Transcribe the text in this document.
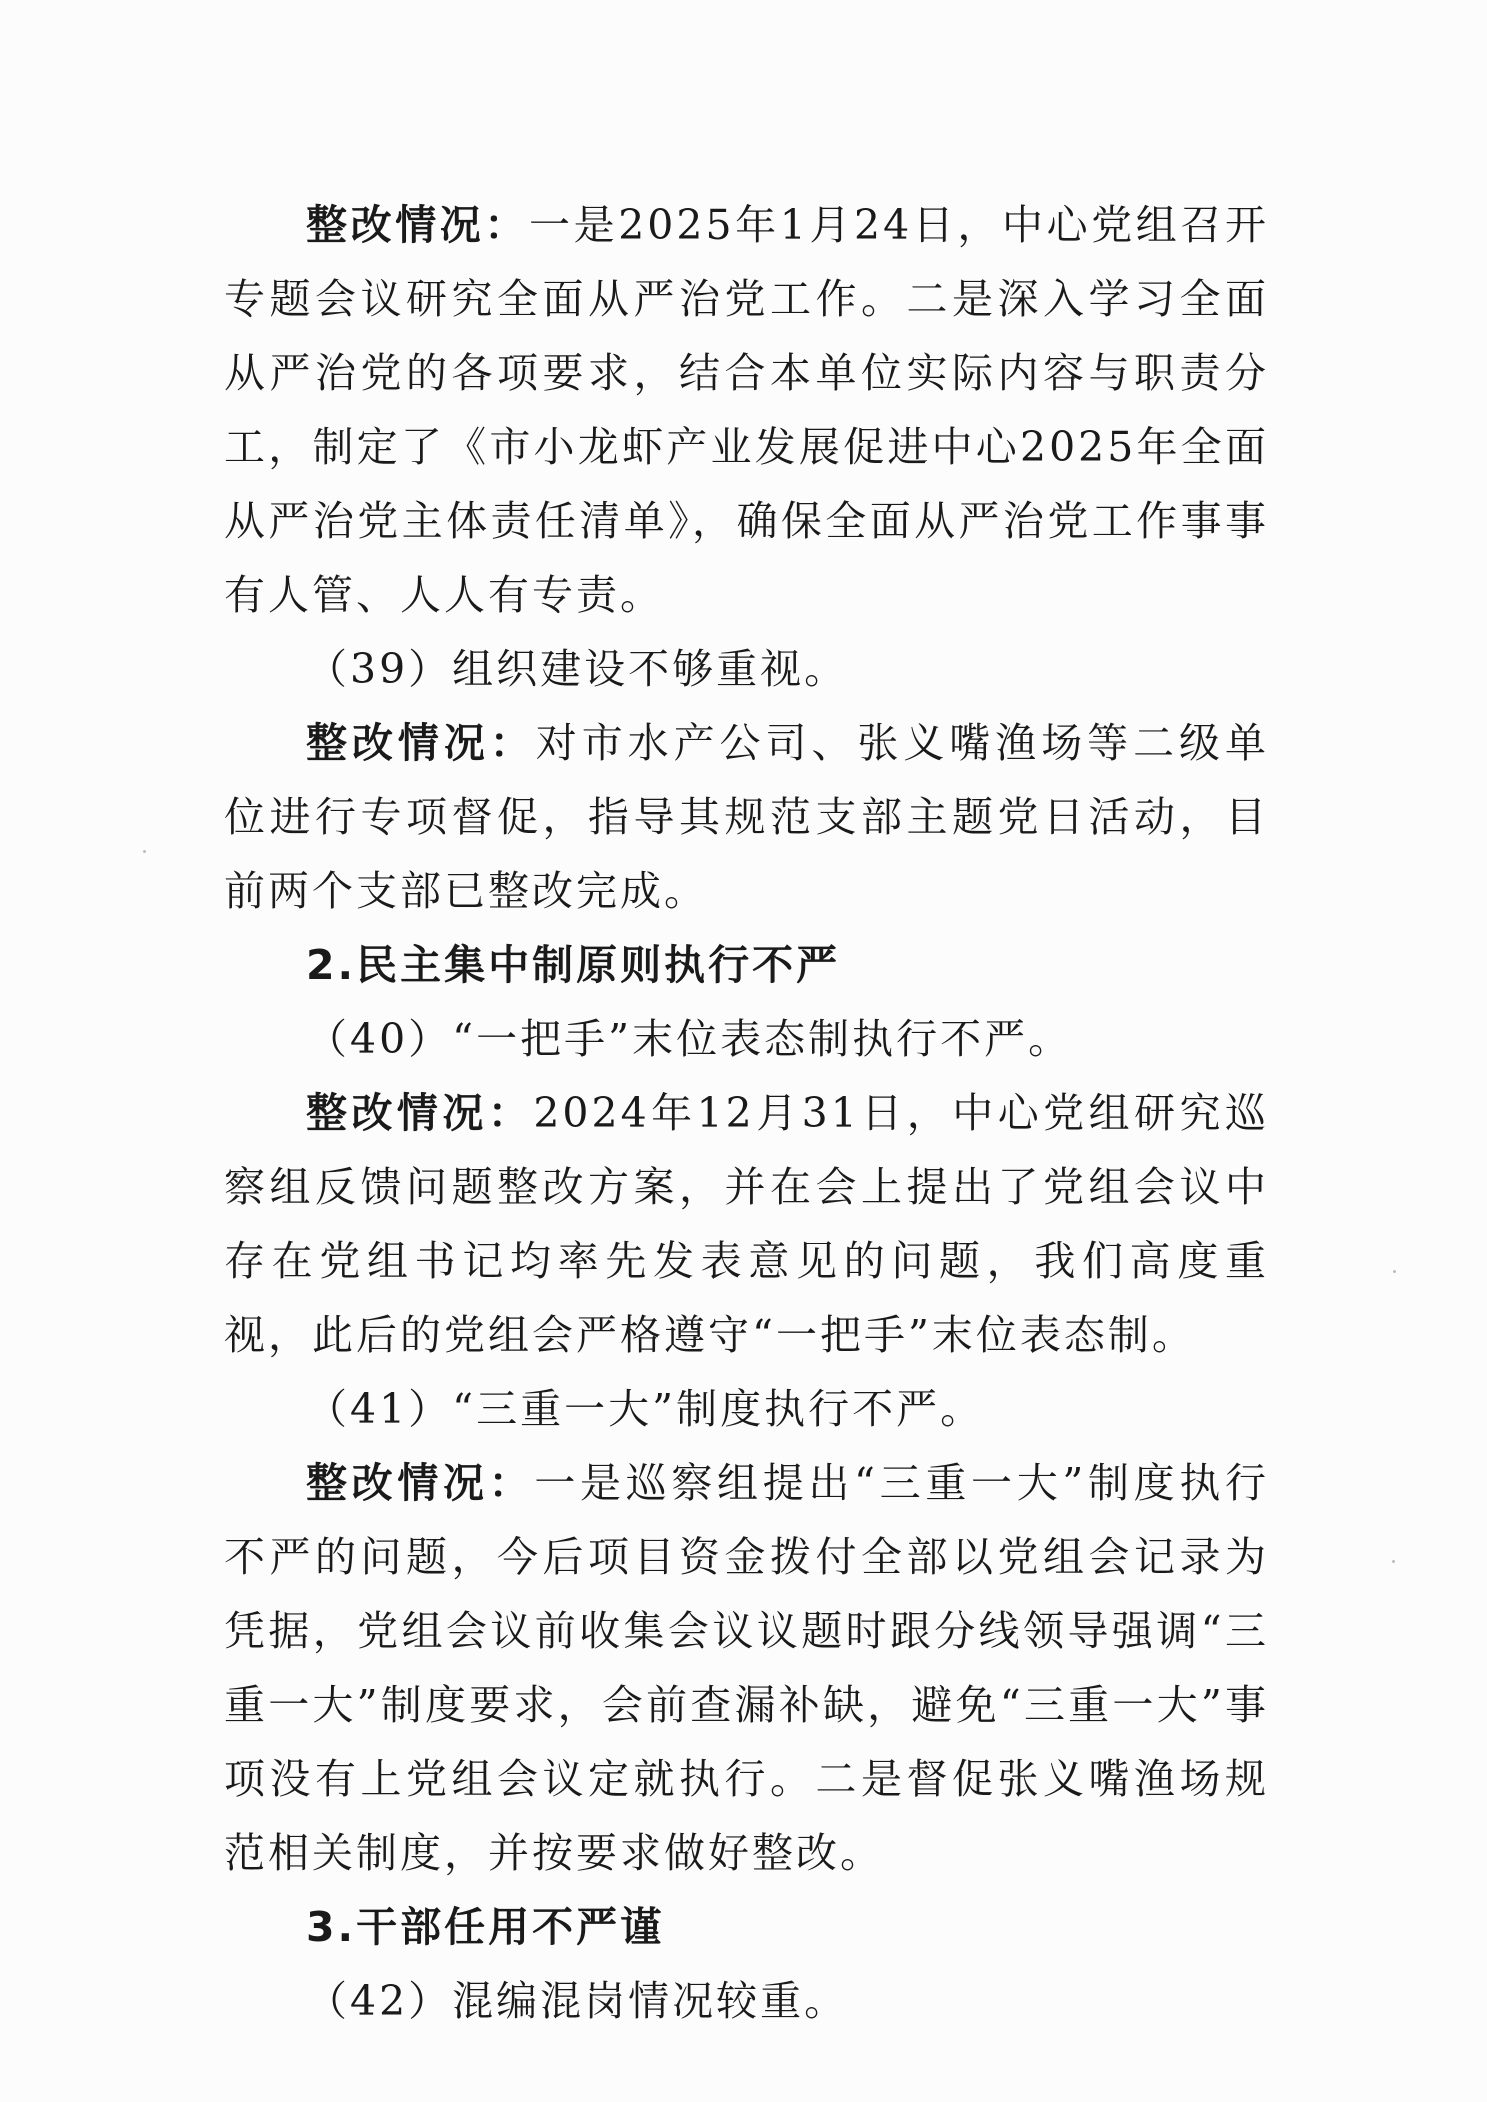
整改情况：一是2025年1月24日，中心党组召开专题会议研究全面从严治党工作。二是深入学习全面从严治党的各项要求，结合本单位实际内容与职责分工，制定了《市小龙虾产业发展促进中心2025年全面从严治党主体责任清单》，确保全面从严治党工作事事有人管、人人有专责。

（39）组织建设不够重视。

整改情况：对市水产公司、张义嘴渔场等二级单位进行专项督促，指导其规范支部主题党日活动，目前两个支部已整改完成。

2.民主集中制原则执行不严

（40）“一把手”末位表态制执行不严。

整改情况：2024年12月31日，中心党组研究巡察组反馈问题整改方案，并在会上提出了党组会议中存在党组书记均率先发表意见的问题，我们高度重视，此后的党组会严格遵守“一把手”末位表态制。

（41）“三重一大”制度执行不严。

整改情况：一是巡察组提出“三重一大”制度执行不严的问题，今后项目资金拨付全部以党组会记录为凭据，党组会议前收集会议议题时跟分线领导强调“三重一大”制度要求，会前查漏补缺，避免“三重一大”事项没有上党组会议定就执行。二是督促张义嘴渔场规范相关制度，并按要求做好整改。

3.干部任用不严谨

（42）混编混岗情况较重。
